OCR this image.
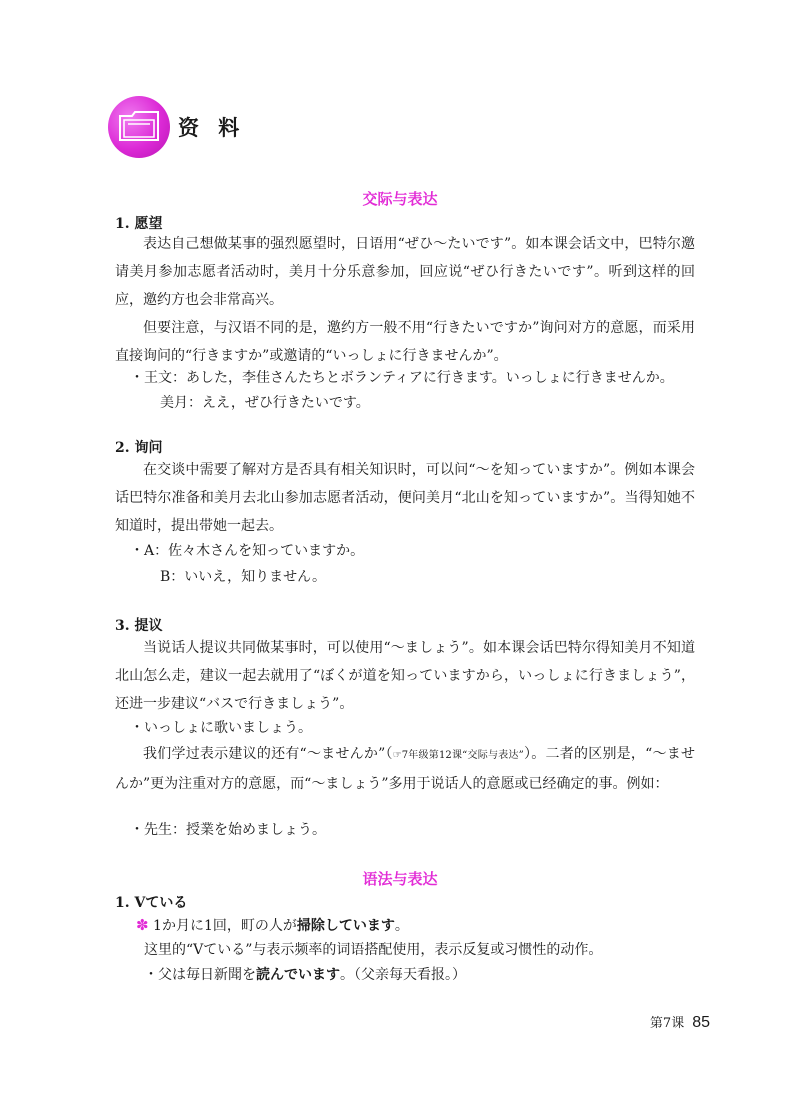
资 料
交际与表达
1. 愿望
表达自己想做某事的强烈愿望时，日语用“ぜひ～たいです”。如本课会话文中，巴特尔邀请美月参加志愿者活动时，美月十分乐意参加，回应说“ぜひ行きたいです”。听到这样的回应，邀约方也会非常高兴。
但要注意，与汉语不同的是，邀约方一般不用“行きたいですか”询问对方的意愿，而采用直接询问的“行きますか”或邀请的“いっしょに行きませんか”。
・王文：あした，李佳さんたちとボランティアに行きます。いっしょに行きませんか。
美月：ええ，ぜひ行きたいです。
2. 询问
在交谈中需要了解对方是否具有相关知识时，可以问“～を知っていますか”。例如本课会话巴特尔准备和美月去北山参加志愿者活动，便问美月“北山を知っていますか”。当得知她不知道时，提出带她一起去。
・A：佐々木さんを知っていますか。
B：いいえ，知りません。
3. 提议
当说话人提议共同做某事时，可以使用“～ましょう”。如本课会话巴特尔得知美月不知道北山怎么走，建议一起去就用了“ぼくが道を知っていますから，いっしょに行きましょう”，还进一步建议“バスで行きましょう”。
・いっしょに歌いましょう。
我们学过表示建议的还有“～ませんか”（☞7年级第12课“交际与表达”）。二者的区别是，“～ませんか”更为注重对方的意愿，而“～ましょう”多用于说话人的意愿或已经确定的事。例如：
・先生：授業を始めましょう。
语法与表达
1. Vている
✽ 1か月に1回，町の人が掃除しています。
这里的“Vている”与表示频率的词语搭配使用，表示反复或习惯性的动作。
・父は毎日新聞を読んでいます。（父亲每天看报。）
第7课 85
